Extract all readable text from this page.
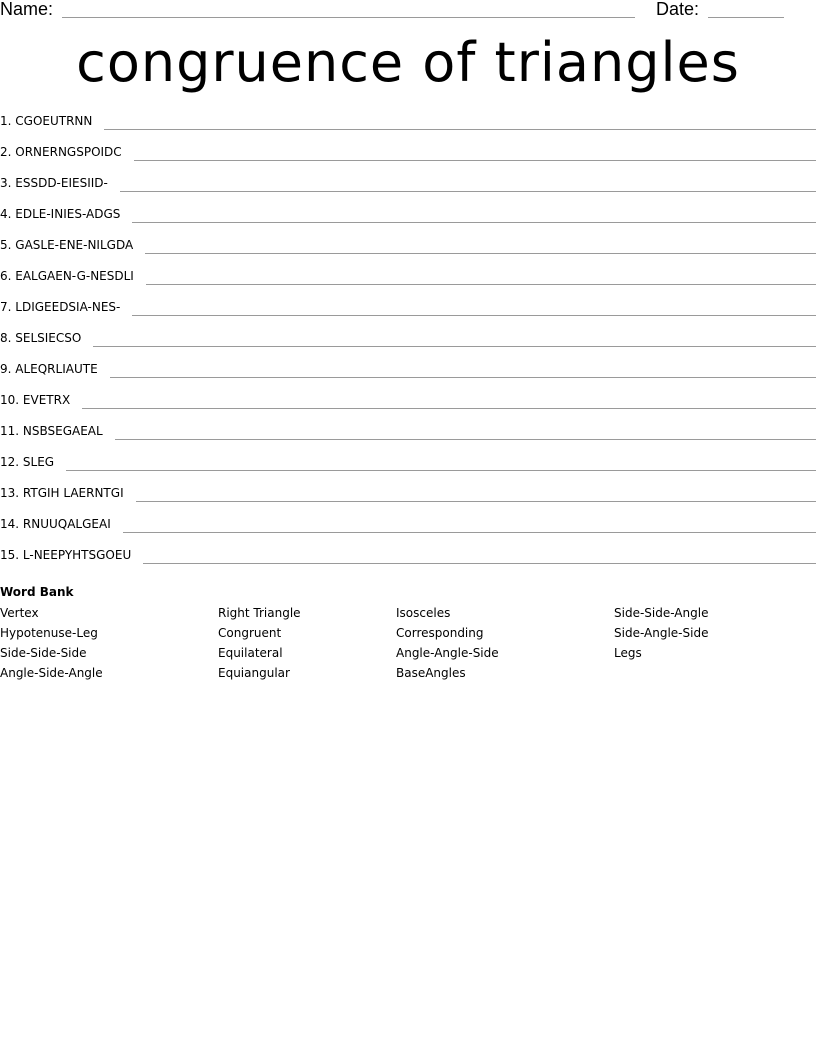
Name:	Date:
congruence of triangles
1. CGOEUTRNN
2. ORNERNGSPOIDC
3. ESSDD-EIESIID-
4. EDLE-INIES-ADGS
5. GASLE-ENE-NILGDA
6. EALGAEN-G-NESDLI
7. LDIGEEDSIA-NES-
8. SELSIECSO
9. ALEQRLIAUTE
10. EVETRX
11. NSBSEGAEAL
12. SLEG
13. RTGIH LAERNTGI
14. RNUUQALGEAI
15. L-NEEPYHTSGOEU
Word Bank
Vertex
Hypotenuse-Leg
Side-Side-Side
Angle-Side-Angle
Right Triangle
Congruent
Equilateral
Equiangular
Isosceles
Corresponding
Angle-Angle-Side
BaseAngles
Side-Side-Angle
Side-Angle-Side
Legs
